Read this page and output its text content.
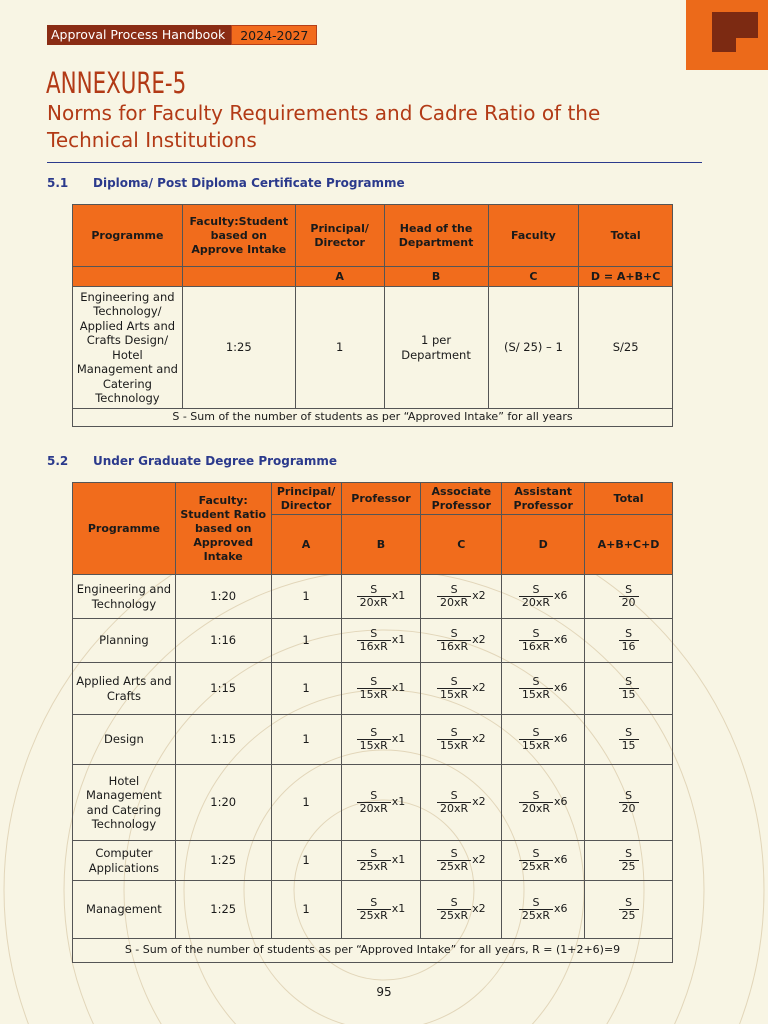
Approval Process Handbook	2024-2027
ANNEXURE-5
Norms for Faculty Requirements and Cadre Ratio of the Technical Institutions
5.1 Diploma/ Post Diploma Certificate Programme
Programme	Faculty:Student based on Approve Intake	Principal/ Director	Head of the Department	Faculty	Total
		A	B	C	D = A+B+C
Engineering and Technology/ Applied Arts and Crafts Design/ Hotel Management and Catering Technology	1:25	1	1 per Department	(S/ 25) – 1	S/25
S - Sum of the number of students as per “Approved Intake” for all years					
5.2 Under Graduate Degree Programme
Programme	Faculty: Student Ratio based on Approved Intake	Principal/ Director	Professor	Associate Professor	Assistant Professor	Total
		A	B	C	D	A+B+C+D
Engineering and Technology	1:20	1	$\frac{S}{20xR} x1$	$\frac{S}{20xR} x2$	$\frac{S}{20xR} x6$	$\frac{S}{20}$

Planning	1:16	1	$\frac{S}{16xR} x1$	$\frac{S}{16xR} x2$	$\frac{S}{16xR} x6$	$\frac{S}{16}$

Applied Arts and Crafts	1:15	1	$\frac{S}{15xR} x1$	$\frac{S}{15xR} x2$	$\frac{S}{15xR} x6$	$\frac{S}{15}$

Design	1:15	1	$\frac{S}{15xR} x1$	$\frac{S}{15xR} x2$	$\frac{S}{15xR} x6$	$\frac{S}{15}$

Hotel Management and Catering Technology	1:20	1	$\frac{S}{20xR} x1$	$\frac{S}{20xR} x2$	$\frac{S}{20xR} x6$	$\frac{S}{20}$

Computer Applications	1:25	1	$\frac{S}{25xR} x1$	$\frac{S}{25xR} x2$	$\frac{S}{25xR} x6$	$\frac{S}{25}$

Management	1:25	1	$\frac{S}{25xR} x1$	$\frac{S}{25xR} x2$	$\frac{S}{25xR} x6$	$\frac{S}{25}$

S - Sum of the number of students as per “Approved Intake” for all years, R = (1+2+6)=9						
95
